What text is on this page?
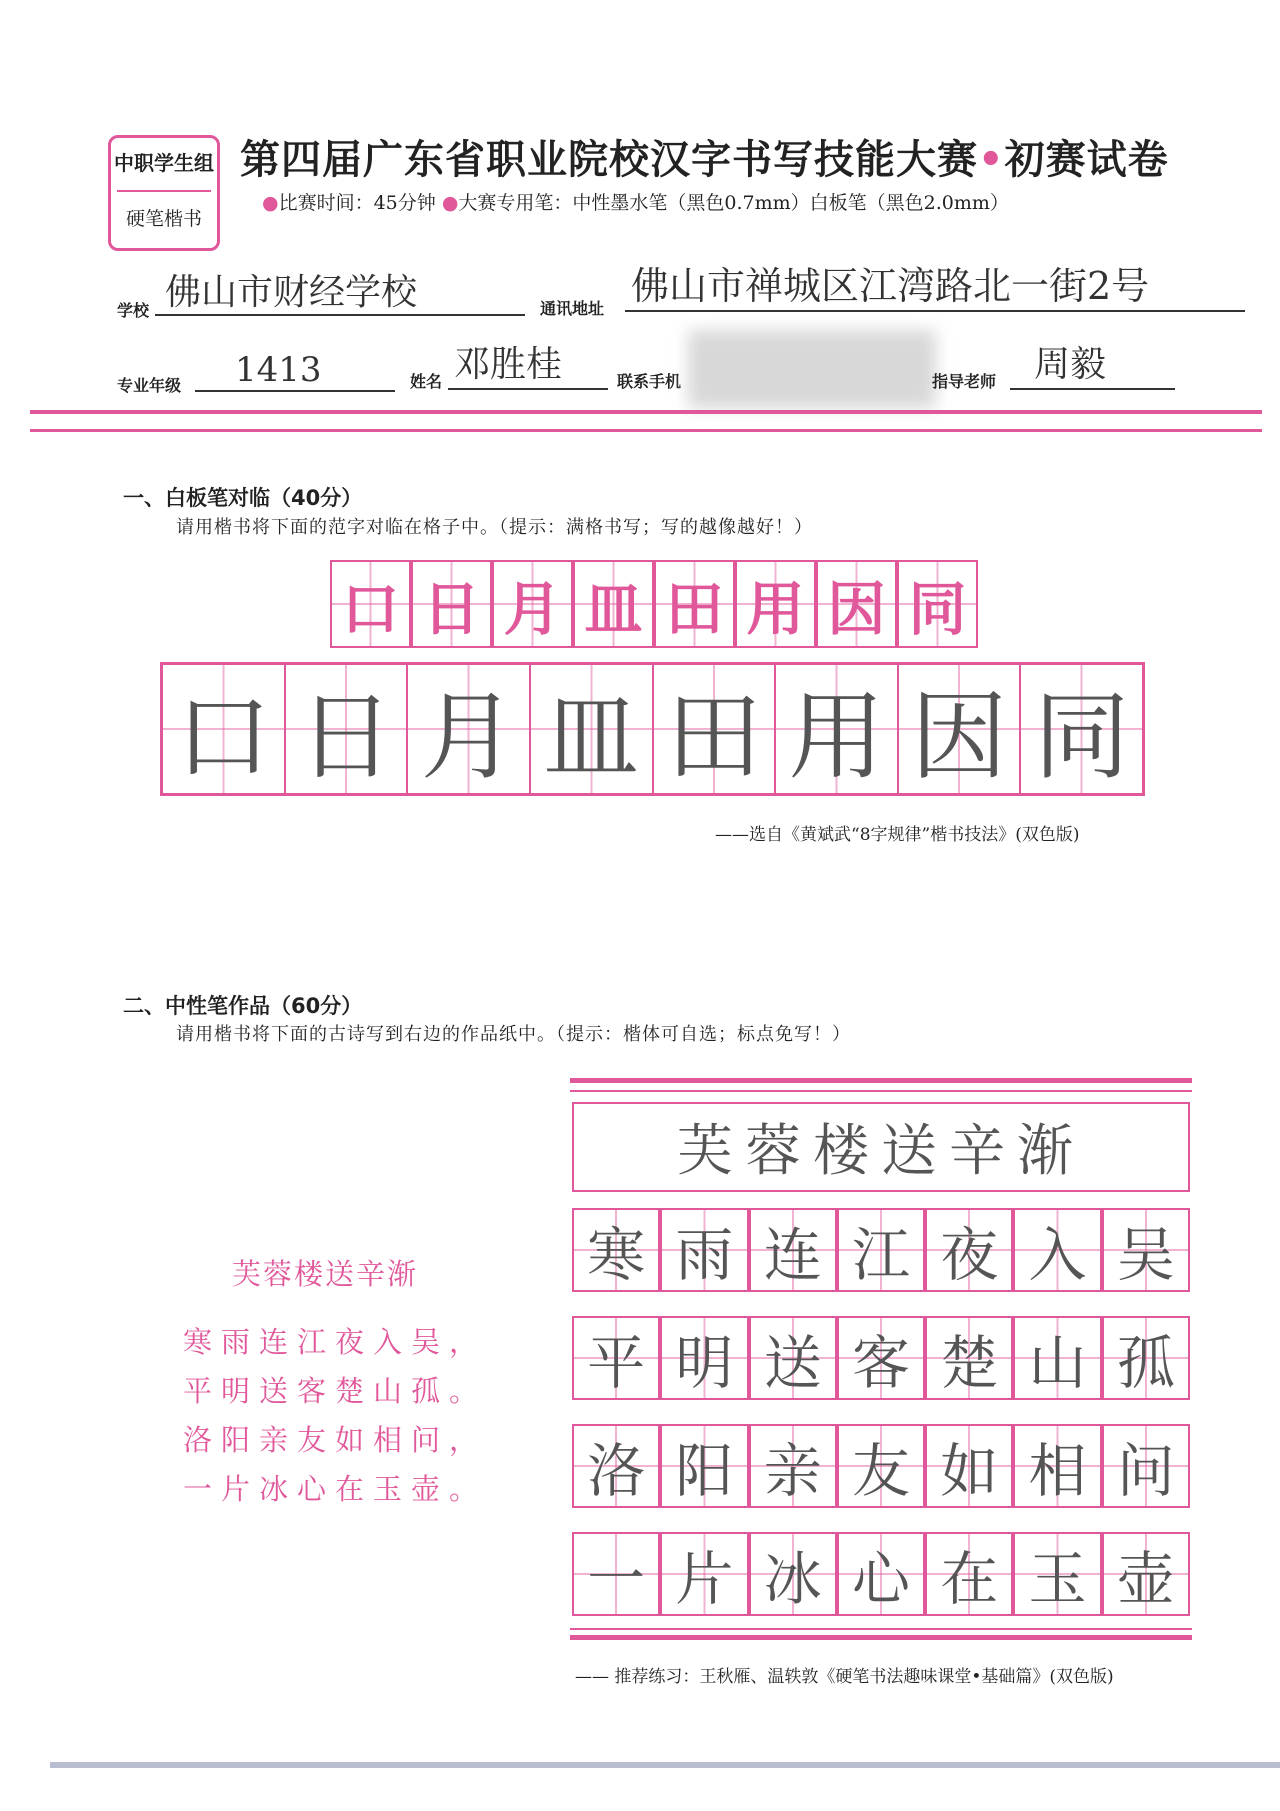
中职学生组
硬笔楷书
第四届广东省职业院校汉字书写技能大赛•初赛试卷
●比赛时间：45分钟 ●大赛专用笔：中性墨水笔（黑色0.7mm）白板笔（黑色2.0mm）
学校 佛山市财经学校	通讯地址
佛山市禅城区江湾路北一街2号
专业年级	1413	姓名 邓胜桂	联系手机	指导老师	周毅
一、白板笔对临（40分）
请用楷书将下面的范字对临在格子中。（提示：满格书写；写的越像越好！）
口 日 月 皿 田 用 因 同
口 日 月 皿 田 用 因 同
——选自《黄斌武“8字规律”楷书技法》(双色版)
二、中性笔作品（60分）
请用楷书将下面的古诗写到右边的作品纸中。（提示：楷体可自选；标点免写！）
芙蓉楼送辛渐
寒雨连江夜入吴，
平明送客楚山孤。
洛阳亲友如相问，
一片冰心在玉壶。
芙蓉楼送辛渐
寒 雨 连 江 夜 入 吴
平 明 送 客 楚 山 孤
洛 阳 亲 友 如 相 问
一 片 冰 心 在 玉 壶
—— 推荐练习：王秋雁、温轶敦《硬笔书法趣味课堂•基础篇》(双色版)
